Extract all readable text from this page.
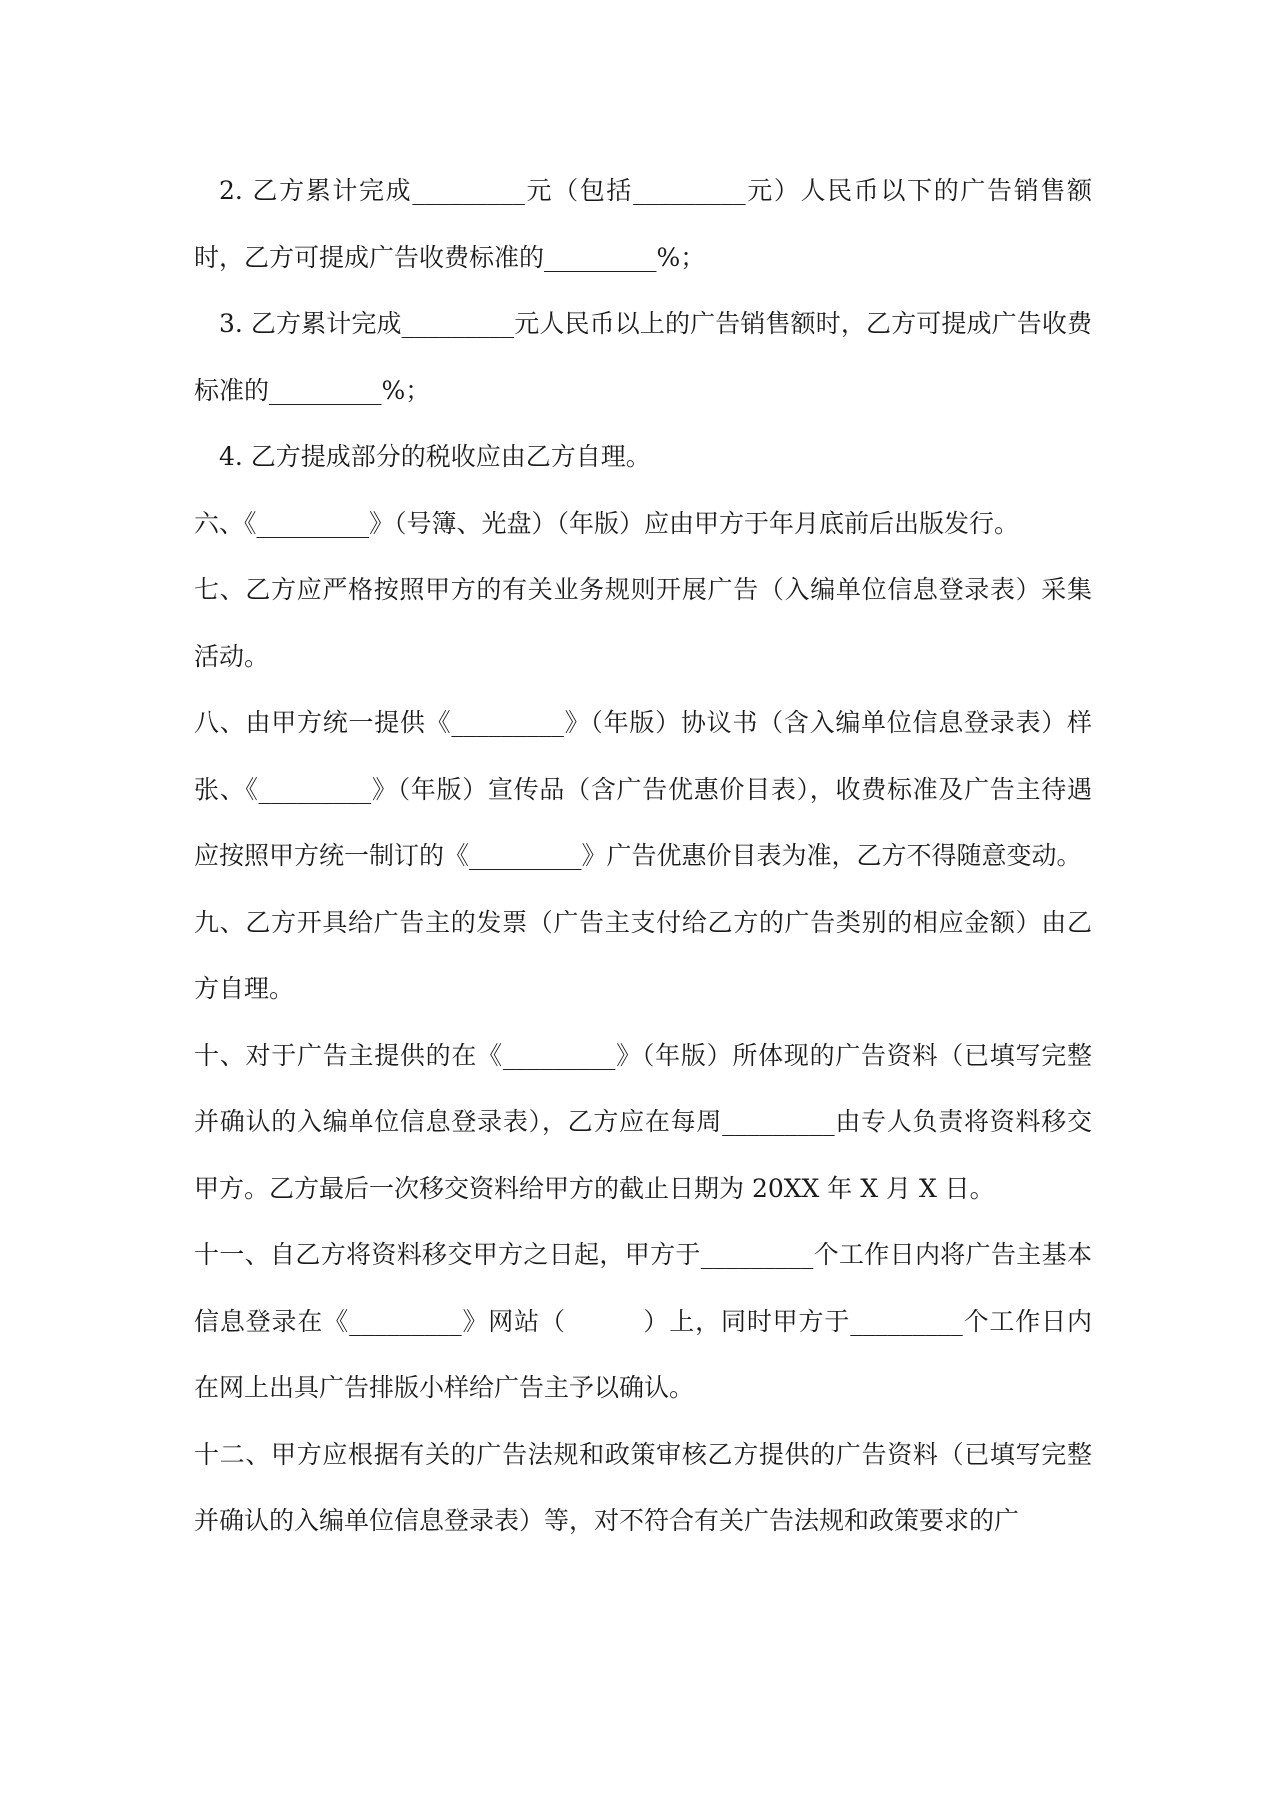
2. 乙方累计完成_________元（包括_________元）人民币以下的广告销售额时，乙方可提成广告收费标准的_________%；

3. 乙方累计完成_________元人民币以上的广告销售额时，乙方可提成广告收费标准的_________%；

4. 乙方提成部分的税收应由乙方自理。

六、《_________》（号簿、光盘）（年版）应由甲方于年月底前后出版发行。

七、乙方应严格按照甲方的有关业务规则开展广告（入编单位信息登录表）采集活动。

八、由甲方统一提供《_________》（年版）协议书（含入编单位信息登录表）样张、《_________》（年版）宣传品（含广告优惠价目表），收费标准及广告主待遇应按照甲方统一制订的《_________》广告优惠价目表为准，乙方不得随意变动。

九、乙方开具给广告主的发票（广告主支付给乙方的广告类别的相应金额）由乙方自理。

十、对于广告主提供的在《_________》（年版）所体现的广告资料（已填写完整并确认的入编单位信息登录表），乙方应在每周_________由专人负责将资料移交甲方。乙方最后一次移交资料给甲方的截止日期为 20XX 年 X 月 X 日。

十一、自乙方将资料移交甲方之日起，甲方于_________个工作日内将广告主基本信息登录在《_________》网站（　　　）上，同时甲方于_________个工作日内在网上出具广告排版小样给广告主予以确认。

十二、甲方应根据有关的广告法规和政策审核乙方提供的广告资料（已填写完整并确认的入编单位信息登录表）等，对不符合有关广告法规和政策要求的广
